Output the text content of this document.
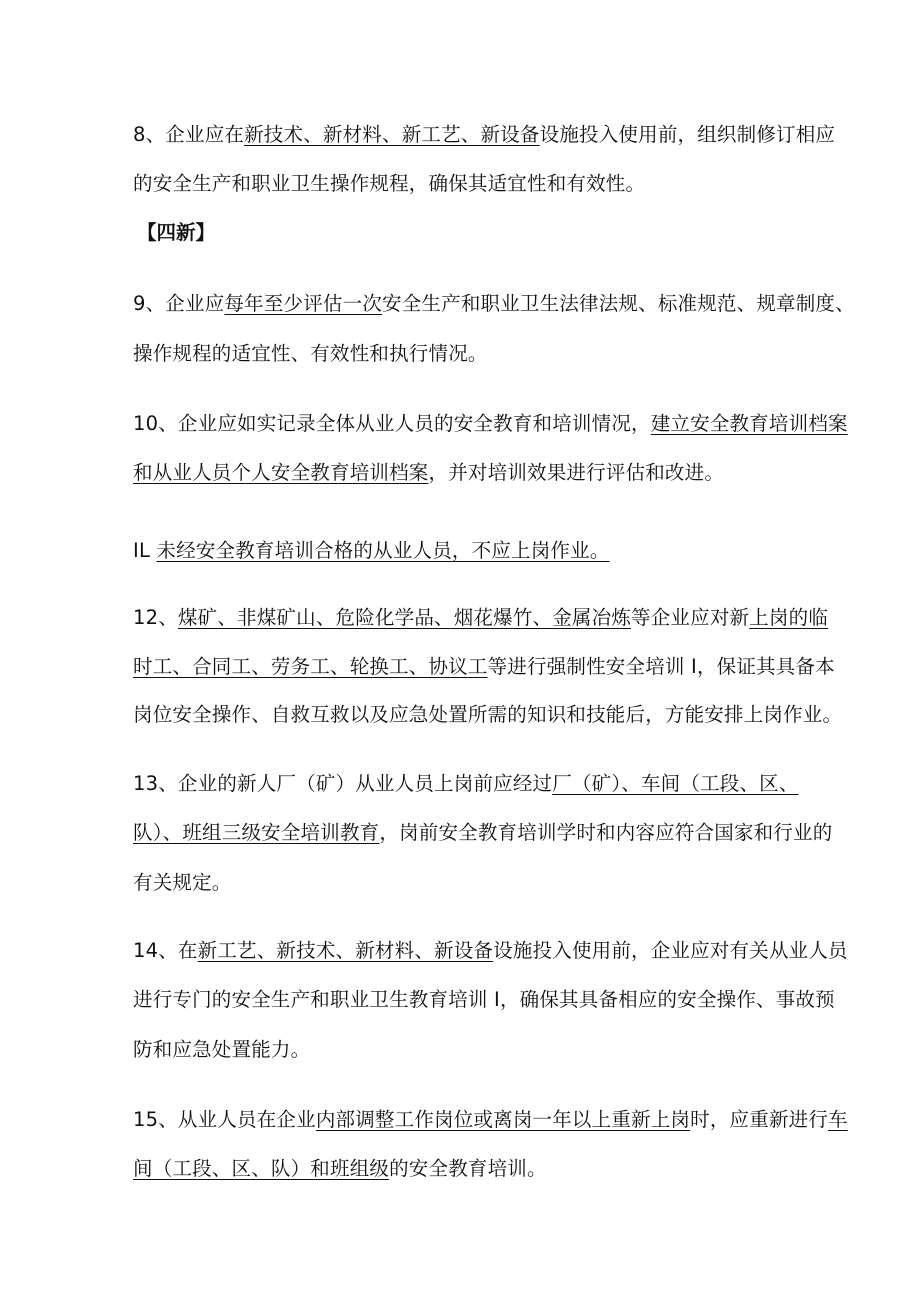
8、企业应在新技术、新材料、新工艺、新设备设施投入使用前，组织制修订相应
的安全生产和职业卫生操作规程，确保其适宜性和有效性。
【四新】
9、企业应每年至少评估一次安全生产和职业卫生法律法规、标准规范、规章制度、
操作规程的适宜性、有效性和执行情况。
10、企业应如实记录全体从业人员的安全教育和培训情况，建立安全教育培训档案
和从业人员个人安全教育培训档案，并对培训效果进行评估和改进。
IL 未经安全教育培训合格的从业人员，不应上岗作业。
12、煤矿、非煤矿山、危险化学品、烟花爆竹、金属冶炼等企业应对新上岗的临
时工、合同工、劳务工、轮换工、协议工等进行强制性安全培训 I，保证其具备本
岗位安全操作、自救互救以及应急处置所需的知识和技能后，方能安排上岗作业。
13、企业的新人厂（矿）从业人员上岗前应经过厂（矿）、车间（工段、区、
队）、班组三级安全培训教育，岗前安全教育培训学时和内容应符合国家和行业的
有关规定。
14、在新工艺、新技术、新材料、新设备设施投入使用前，企业应对有关从业人员
进行专门的安全生产和职业卫生教育培训 I，确保其具备相应的安全操作、事故预
防和应急处置能力。
15、从业人员在企业内部调整工作岗位或离岗一年以上重新上岗时，应重新进行车
间（工段、区、队）和班组级的安全教育培训。
